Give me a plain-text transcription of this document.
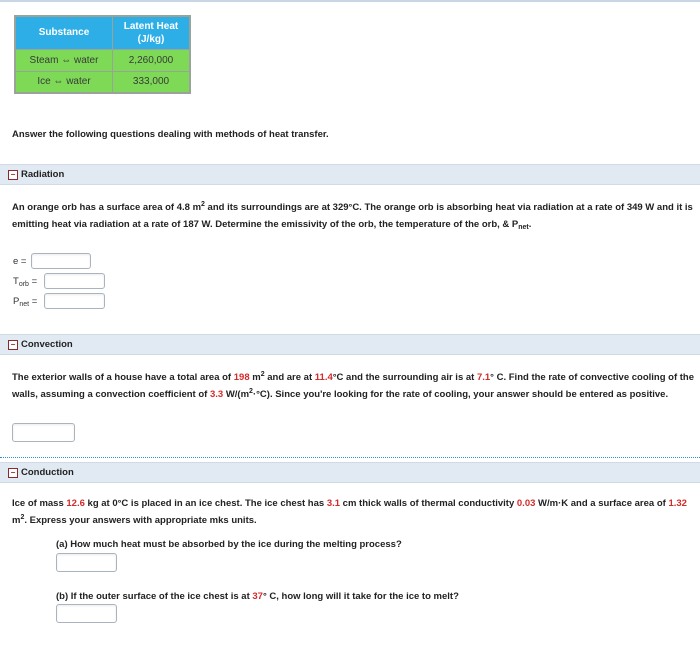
Substance	Latent Heat (J/kg)
Steam ⇔ water	2,260,000
Ice ⇔ water	333,000
Answer the following questions dealing with methods of heat transfer.
− Radiation
An orange orb has a surface area of 4.8 $m^2$ and its surroundings are at 329°C. The orange orb is absorbing heat via radiation at a rate of 349 W and it is emitting heat via radiation at a rate of 187 W. Determine the emissivity of the orb, the temperature of the orb, & $P_{net}$.
e =
$T_{orb}$ =
$P_{net}$ =
− Convection
The exterior walls of a house have a total area of 198 $m^2$ and are at 11.4°C and the surrounding air is at 7.1° C. Find the rate of convective cooling of the walls, assuming a convection coefficient of 3.3 $W/(m^2\cdot^\circ C)$. Since you're looking for the rate of cooling, your answer should be entered as positive.
− Conduction
Ice of mass 12.6 kg at 0°C is placed in an ice chest. The ice chest has 3.1 cm thick walls of thermal conductivity 0.03 W/m·K and a surface area of 1.32 $m^2$. Express your answers with appropriate mks units.
(a) How much heat must be absorbed by the ice during the melting process?
(b) If the outer surface of the ice chest is at 37° C, how long will it take for the ice to melt?
